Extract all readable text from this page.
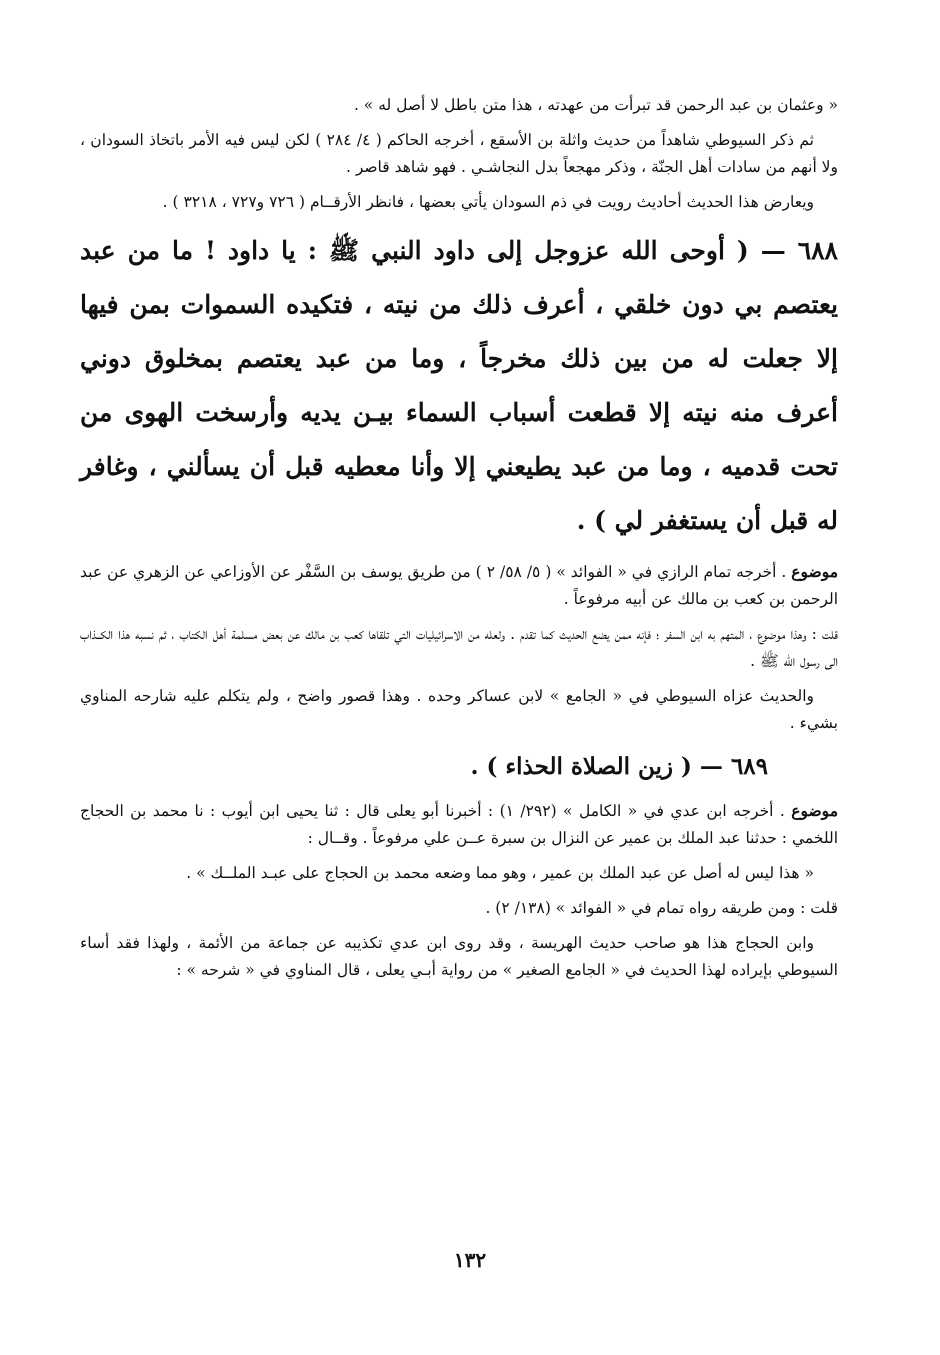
« وعثمان بن عبد الرحمن قد تبرأت من عهدته ، هذا متن باطل لا أصل له » .

ثم ذكر السيوطي شاهداً من حديث واثلة بن الأسقع ، أخرجه الحاكم ( ٤/ ٢٨٤ ) لكن ليس فيه الأمر باتخاذ السودان ، ولا أنهم من سادات أهل الجنّة ، وذكر مهجعاً بدل النجاشـي . فهو شاهد قاصر .

ويعارض هذا الحديث أحاديث رويت في ذم السودان يأتي بعضها ، فانظر الأرقــام ( ٧٢٦ و٧٢٧ ، ٣٢١٨ ) .

٦٨٨ — ( أوحى الله عزوجل إلى داود النبي ﷺ : يا داود ! ما من عبد يعتصم بي دون خلقي ، أعرف ذلك من نيته ، فتكيده السموات بمن فيها إلا جعلت له من بين ذلك مخرجاً ، وما من عبد يعتصم بمخلوق دوني أعرف منه نيته إلا قطعت أسباب السماء بيـن يديه وأرسخت الهوى من تحت قدميه ، وما من عبد يطيعني إلا وأنا معطيه قبل أن يسألني ، وغافر له قبل أن يستغفر لي ) .

موضوع . أخرجه تمام الرازي في « الفوائد » ( ٥/ ٥٨/ ٢ ) من طريق يوسف بن السَّفْر عن الأوزاعي عن الزهري عن عبد الرحمن بن كعب بن مالك عن أبيه مرفوعاً .

قلت : وهذا موضوع ، المتهم به ابن السفر ؛ فإنه ممن يضع الحديث كما تقدم . ولعله من الاسرائيليات التي تلقاها كعب بن مالك عن بعض مسلمة أهل الكتاب ، ثم نسبه هذا الكــذاب الى رسول الله ﷺ .

والحديث عزاه السيوطي في « الجامع » لابن عساكر وحده . وهذا قصور واضح ، ولم يتكلم عليه شارحه المناوي بشيء .

٦٨٩ — ( زين الصلاة الحذاء ) .

موضوع . أخرجه ابن عدي في « الكامل » (٢٩٢/ ١) : أخبرنا أبو يعلى قال : ثنا يحيى ابن أيوب : نا محمد بن الحجاج اللخمي : حدثنا عبد الملك بن عمير عن النزال بن سبرة عــن علي مرفوعاً . وقــال :

« هذا ليس له أصل عن عبد الملك بن عمير ، وهو مما وضعه محمد بن الحجاج على عبـد الملــك » .

قلت : ومن طريقه رواه تمام في « الفوائد » (١٣٨/ ٢) .

وابن الحجاج هذا هو صاحب حديث الهريسة ، وقد روى ابن عدي تكذيبه عن جماعة من الأئمة ، ولهذا فقد أساء السيوطي بإيراده لهذا الحديث في « الجامع الصغير » من رواية أبـي يعلى ، قال المناوي في « شرحه » :

١٣٢
